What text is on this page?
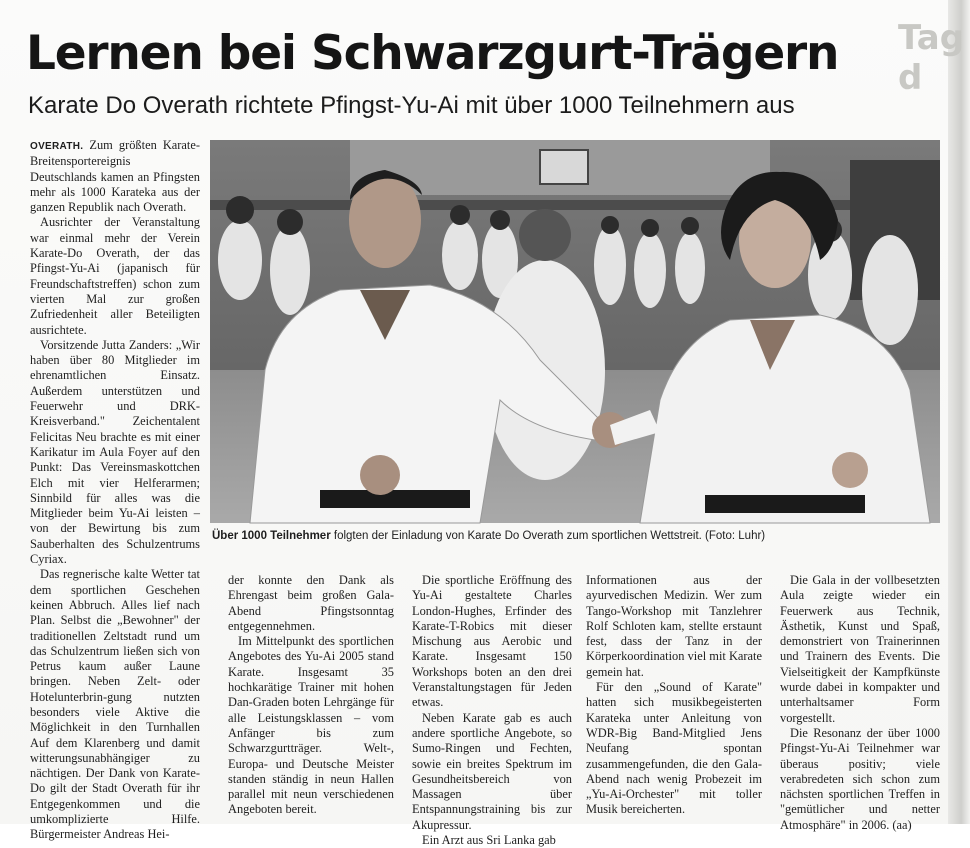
Tag d
Lernen bei Schwarzgurt-Trägern
Karate Do Overath richtete Pfingst-Yu-Ai mit über 1000 Teilnehmern aus

OVERATH. Zum größten Karate-Breitensportereignis Deutschlands kamen an Pfingsten mehr als 1000 Karateka aus der ganzen Republik nach Overath.

Ausrichter der Veranstaltung war einmal mehr der Verein Karate-Do Overath, der das Pfingst-Yu-Ai (japanisch für Freundschaftstreffen) schon zum vierten Mal zur großen Zufriedenheit aller Beteiligten ausrichtete.

Vorsitzende Jutta Zanders: „Wir haben über 80 Mitglieder im ehrenamtlichen Einsatz. Außerdem unterstützen und Feuerwehr und DRK-Kreisverband." Zeichentalent Felicitas Neu brachte es mit einer Karikatur im Aula Foyer auf den Punkt: Das Vereinsmaskottchen Elch mit vier Helferarmen; Sinnbild für alles was die Mitglieder beim Yu-Ai leisten – von der Bewirtung bis zum Sauberhalten des Schulzentrums Cyriax.

Das regnerische kalte Wetter tat dem sportlichen Geschehen keinen Abbruch. Alles lief nach Plan. Selbst die „Bewohner" der traditionellen Zeltstadt rund um das Schulzentrum ließen sich von Petrus kaum außer Laune bringen. Neben Zelt- oder Hotelunterbrin-gung nutzten besonders viele Aktive die Möglichkeit in den Turnhallen Auf dem Klarenberg und damit witterungsunabhängiger zu nächtigen. Der Dank von Karate-Do gilt der Stadt Overath für ihr Entgegenkommen und die umkomplizierte Hilfe. Bürgermeister Andreas Hei-

Über 1000 Teilnehmer folgten der Einladung von Karate Do Overath zum sportlichen Wettstreit. (Foto: Luhr)

der konnte den Dank als Ehrengast beim großen Gala-Abend Pfingstsonntag entgegennehmen.

Im Mittelpunkt des sportlichen Angebotes des Yu-Ai 2005 stand Karate. Insgesamt 35 hochkarätige Trainer mit hohen Dan-Graden boten Lehrgänge für alle Leistungsklassen – vom Anfänger bis zum Schwarzgurtträger. Welt-, Europa- und Deutsche Meister standen ständig in neun Hallen parallel mit neun verschiedenen Angeboten bereit.

Die sportliche Eröffnung des Yu-Ai gestaltete Charles London-Hughes, Erfinder des Karate-T-Robics mit dieser Mischung aus Aerobic und Karate. Insgesamt 150 Workshops boten an den drei Veranstaltungstagen für Jeden etwas.

Neben Karate gab es auch andere sportliche Angebote, so Sumo-Ringen und Fechten, sowie ein breites Spektrum im Gesundheitsbereich von Massagen über Entspannungstraining bis zur Akupressur.

Ein Arzt aus Sri Lanka gab

Informationen aus der ayurvedischen Medizin. Wer zum Tango-Workshop mit Tanzlehrer Rolf Schloten kam, stellte erstaunt fest, dass der Tanz in der Körperkoordination viel mit Karate gemein hat.

Für den „Sound of Karate" hatten sich musikbegeisterten Karateka unter Anleitung von WDR-Big Band-Mitglied Jens Neufang spontan zusammengefunden, die den Gala-Abend nach wenig Probezeit im „Yu-Ai-Orchester" mit toller Musik bereicherten.

Die Gala in der vollbesetzten Aula zeigte wieder ein Feuerwerk aus Technik, Ästhetik, Kunst und Spaß, demonstriert von Trainerinnen und Trainern des Events. Die Vielseitigkeit der Kampfkünste wurde dabei in kompakter und unterhaltsamer Form vorgestellt.

Die Resonanz der über 1000 Pfingst-Yu-Ai Teilnehmer war überaus positiv; viele verabredeten sich schon zum nächsten sportlichen Treffen in "gemütlicher und netter Atmosphäre" in 2006. (aa)
